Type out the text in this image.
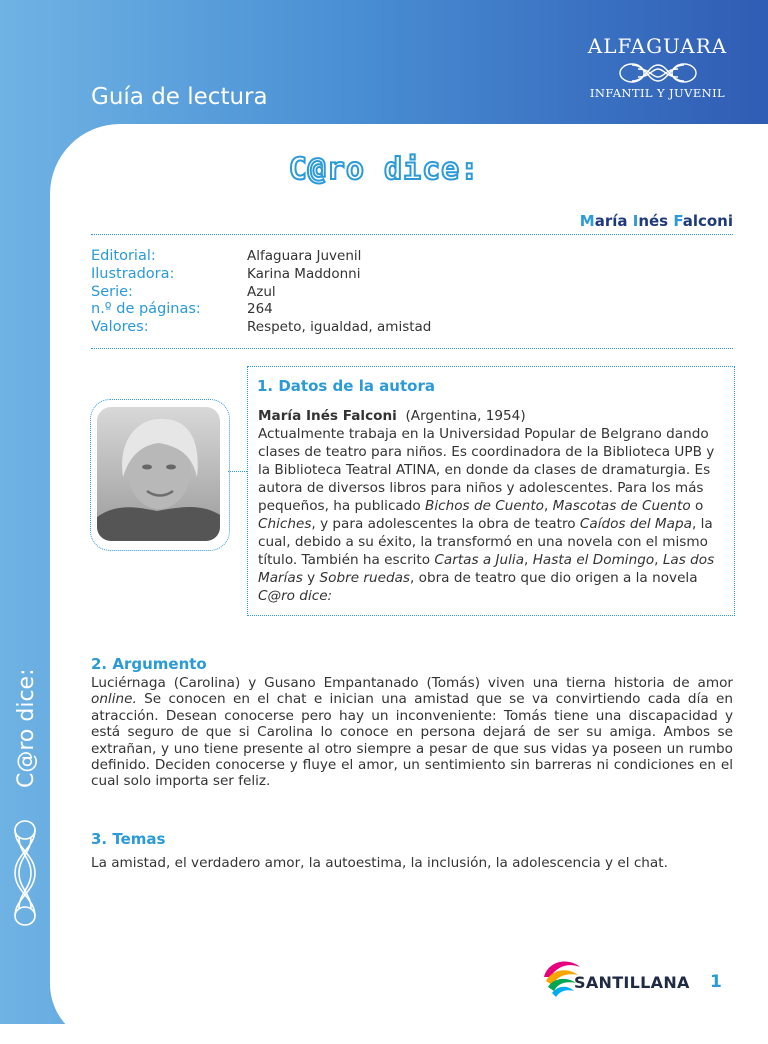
Guía de lectura
ALFAGUARA
INFANTIL Y JUVENIL
C@ro dice:
C@ro dice:
María Inés Falconi
Editorial:	Alfaguara Juvenil
Ilustradora:	Karina Maddonni
Serie:	Azul
n.º de páginas:	264
Valores:	Respeto, igualdad, amistad
1. Datos de la autora
María Inés Falconi (Argentina, 1954)
Actualmente trabaja en la Universidad Popular de Belgrano dando clases de teatro para niños. Es coordinadora de la Biblioteca UPB y la Biblioteca Teatral ATINA, en donde da clases de dramaturgia. Es autora de diversos libros para niños y adolescentes. Para los más pequeños, ha publicado Bichos de Cuento, Mascotas de Cuento o Chiches, y para adolescentes la obra de teatro Caídos del Mapa, la cual, debido a su éxito, la transformó en una novela con el mismo título. También ha escrito Cartas a Julia, Hasta el Domingo, Las dos Marías y Sobre ruedas, obra de teatro que dio origen a la novela C@ro dice:
2. Argumento
Luciérnaga (Carolina) y Gusano Empantanado (Tomás) viven una tierna historia de amor online. Se conocen en el chat e inician una amistad que se va convirtiendo cada día en atracción. Desean conocerse pero hay un inconveniente: Tomás tiene una discapacidad y está seguro de que si Carolina lo conoce en persona dejará de ser su amiga. Ambos se extrañan, y uno tiene presente al otro siempre a pesar de que sus vidas ya poseen un rumbo definido. Deciden conocerse y fluye el amor, un sentimiento sin barreras ni condiciones en el cual solo importa ser feliz.
3. Temas
La amistad, el verdadero amor, la autoestima, la inclusión, la adolescencia y el chat.
SANTILLANA 1
